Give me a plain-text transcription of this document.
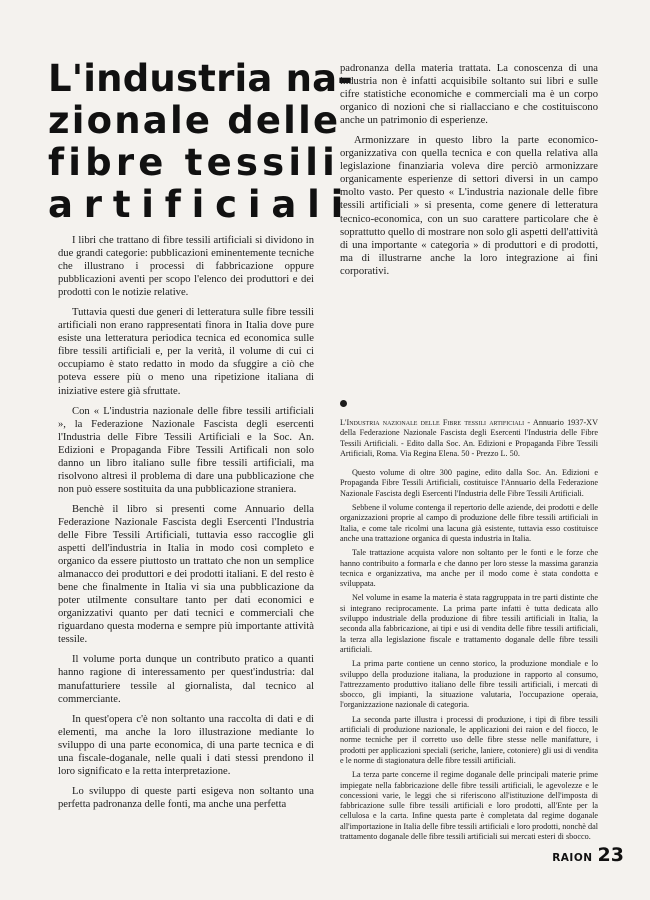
L'industria na-
zionale delle
fibre tessili
artificiali

I libri che trattano di fibre tessili artificiali si dividono in due grandi categorie: pubblicazioni eminentemente tecniche che illustrano i processi di fabbricazione oppure pubblicazioni aventi per scopo l'elenco dei produttori e dei prodotti con le notizie relative.

Tuttavia questi due generi di letteratura sulle fibre tessili artificiali non erano rappresentati finora in Italia dove pure esiste una letteratura periodica tecnica ed economica sulle fibre tessili artificiali e, per la verità, il volume di cui ci occupiamo è stato redatto in modo da sfuggire a ciò che poteva essere più o meno una ripetizione italiana di iniziative estere già sfruttate.

Con « L'industria nazionale delle fibre tessili artificiali », la Federazione Nazionale Fascista degli esercenti l'Industria delle Fibre Tessili Artificiali e la Soc. An. Edizioni e Propaganda Fibre Tessili Artificali non solo danno un libro italiano sulle fibre tessili artificiali, ma risolvono altresì il problema di dare una pubblicazione che non può essere sostituita da una pubblicazione straniera.

Benchè il libro si presenti come Annuario della Federazione Nazionale Fascista degli Esercenti l'Industria delle Fibre Tessili Artificiali, tuttavia esso raccoglie gli aspetti dell'industria in Italia in modo così completo e organico da essere piuttosto un trattato che non un semplice almanacco dei produttori e dei prodotti italiani. E del resto è bene che finalmente in Italia vi sia una pubblicazione da poter utilmente consultare tanto per dati economici e organizzativi quanto per dati tecnici e commerciali che riguardano questa moderna e sempre più importante attività tessile.

Il volume porta dunque un contributo pratico a quanti hanno ragione di interessamento per quest'industria: dal manufatturiere tessile al giornalista, dal tecnico al commerciante.

In quest'opera c'è non soltanto una raccolta di dati e di elementi, ma anche la loro illustrazione mediante lo sviluppo di una parte economica, di una parte tecnica e di una fiscale-doganale, nelle quali i dati stessi prendono il loro significato e la retta interpretazione.

Lo sviluppo di queste parti esigeva non soltanto una perfetta padronanza delle fonti, ma anche una perfetta

padronanza della materia trattata. La conoscenza di una industria non è infatti acquisibile soltanto sui libri e sulle cifre statistiche economiche e commerciali ma è un corpo organico di nozioni che si riallacciano e che costituiscono anche un patrimonio di esperienze.

Armonizzare in questo libro la parte economico-organizzativa con quella tecnica e con quella relativa alla legislazione finanziaria voleva dire perciò armonizzare organicamente esperienze di settori diversi in un campo molto vasto. Per questo « L'industria nazionale delle fibre tessili artificiali » si presenta, come genere di letteratura tecnico-economica, con un suo carattere particolare che è soprattutto quello di mostrare non solo gli aspetti dell'attività di una importante « categoria » di produttori e di prodotti, ma di illustrarne anche la loro integrazione ai fini corporativi.

L'Industria nazionale delle Fibre tessili artificiali - Annuario 1937-XV della Federazione Nazionale Fascista degli Esercenti l'Industria delle Fibre Tessili Artificiali. - Edito dalla Soc. An. Edizioni e Propaganda Fibre Tessili Artificiali, Roma. Via Regina Elena. 50 - Prezzo L. 50.

Questo volume di oltre 300 pagine, edito dalla Soc. An. Edizioni e Propaganda Fibre Tessili Artificiali, costituisce l'Annuario della Federazione Nazionale Fascista degli Esercenti l'Industria delle Fibre Tessili Artificiali.

Sebbene il volume contenga il repertorio delle aziende, dei prodotti e delle organizzazioni proprie al campo di produzione delle fibre tessili artificiali in Italia, e come tale ricolmi una lacuna già esistente, tuttavia esso costituisce anche una trattazione organica di questa industria in Italia.

Tale trattazione acquista valore non soltanto per le fonti e le forze che hanno contribuito a formarla e che danno per loro stesse la massima garanzia tecnica e organizzativa, ma anche per il modo come è stata condotta e sviluppata.

Nel volume in esame la materia è stata raggruppata in tre parti distinte che si integrano reciprocamente. La prima parte infatti è tutta dedicata allo sviluppo industriale della produzione di fibre tessili artificiali in Italia, la seconda alla fabbricazione, ai tipi e usi di vendita delle fibre tessili artificiali, la terza alla legislazione fiscale e trattamento doganale delle fibre tessili artificiali.

La prima parte contiene un cenno storico, la produzione mondiale e lo sviluppo della produzione italiana, la produzione in rapporto al consumo, l'attrezzamento produttivo italiano delle fibre tessili artificiali, i mercati di sbocco, gli impianti, la situazione valutaria, l'occupazione operaia, l'organizzazione nazionale di categoria.

La seconda parte illustra i processi di produzione, i tipi di fibre tessili artificiali di produzione nazionale, le applicazioni dei raion e del fiocco, le norme tecniche per il corretto uso delle fibre stesse nelle manifatture, i prodotti per applicazioni speciali (seriche, laniere, cotoniere) gli usi di vendita e le norme di stagionatura delle fibre tessili artificiali.

La terza parte concerne il regime doganale delle principali materie prime impiegate nella fabbricazione delle fibre tessili artificiali, le agevolezze e le concessioni varie, le leggi che si riferiscono all'istituzione dell'imposta di fabbricazione sulle fibre tessili artificiali e loro prodotti, all'Ente per la cellulosa e la carta. Infine questa parte è completata dal regime doganale all'importazione in Italia delle fibre tessili artificiali e loro prodotti, nonchè dal trattamento doganale delle fibre tessili artificiali sui mercati esteri di sbocco.

RAION 23
